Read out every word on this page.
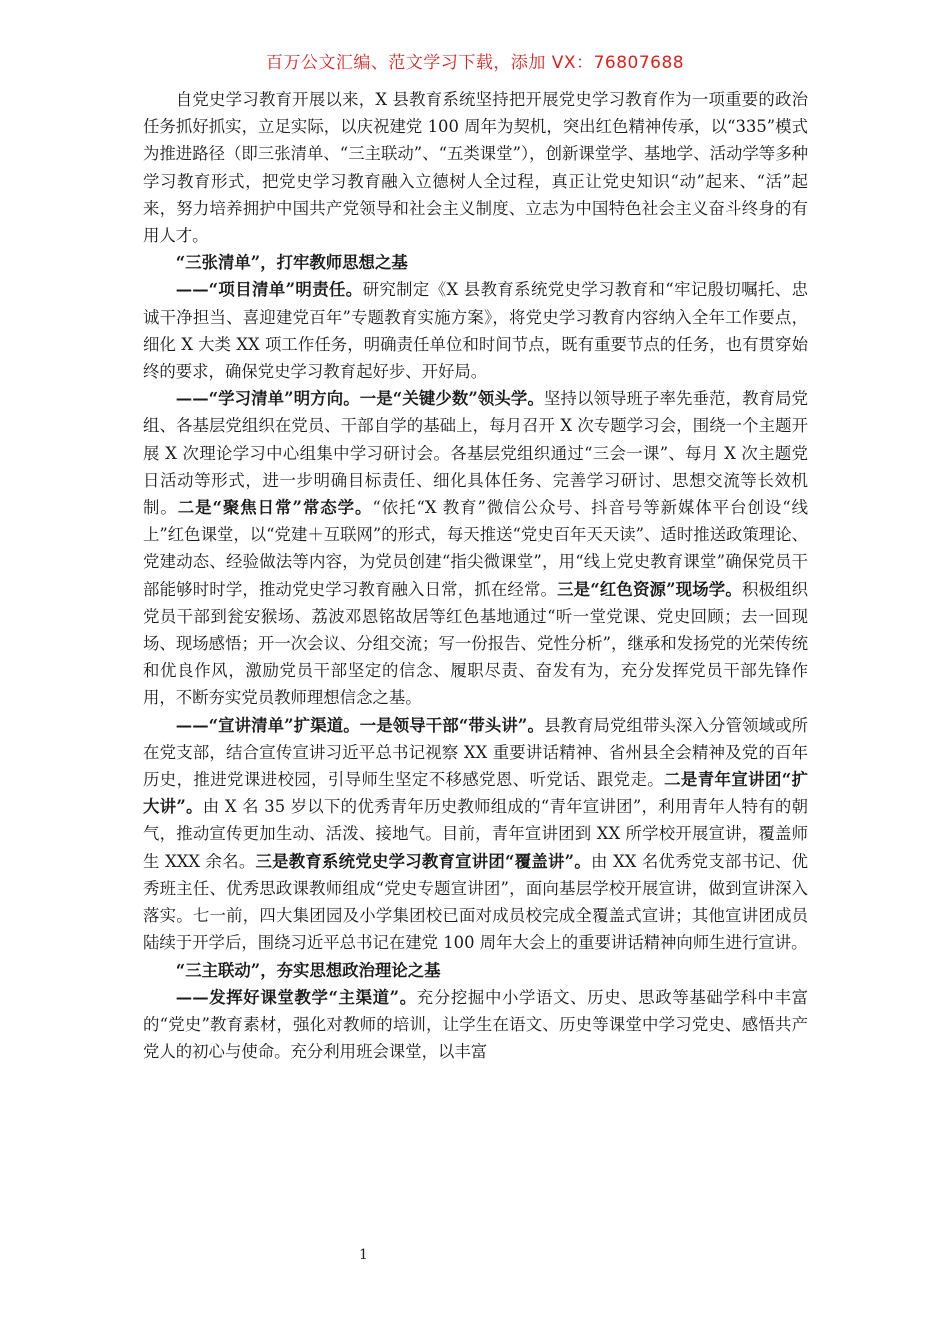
百万公文汇编、范文学习下载，添加 VX：76807688

自党史学习教育开展以来，X 县教育系统坚持把开展党史学习教育作为一项重要的政治任务抓好抓实，立足实际，以庆祝建党 100 周年为契机，突出红色精神传承，以“335”模式为推进路径（即三张清单、“三主联动”、“五类课堂”），创新课堂学、基地学、活动学等多种学习教育形式，把党史学习教育融入立德树人全过程，真正让党史知识“动”起来、“活”起来，努力培养拥护中国共产党领导和社会主义制度、立志为中国特色社会主义奋斗终身的有用人才。

“三张清单”，打牢教师思想之基

——“项目清单”明责任。研究制定《X 县教育系统党史学习教育和“牢记殷切嘱托、忠诚干净担当、喜迎建党百年”专题教育实施方案》，将党史学习教育内容纳入全年工作要点，细化 X 大类 XX 项工作任务，明确责任单位和时间节点，既有重要节点的任务，也有贯穿始终的要求，确保党史学习教育起好步、开好局。

——“学习清单”明方向。一是“关键少数”领头学。坚持以领导班子率先垂范，教育局党组、各基层党组织在党员、干部自学的基础上，每月召开 X 次专题学习会，围绕一个主题开展 X 次理论学习中心组集中学习研讨会。各基层党组织通过“三会一课”、每月 X 次主题党日活动等形式，进一步明确目标责任、细化具体任务、完善学习研讨、思想交流等长效机制。二是“聚焦日常”常态学。“依托“X 教育”微信公众号、抖音号等新媒体平台创设“线上”红色课堂，以“党建＋互联网”的形式，每天推送“党史百年天天读”、适时推送政策理论、党建动态、经验做法等内容，为党员创建“指尖微课堂”，用“线上党史教育课堂”确保党员干部能够时时学，推动党史学习教育融入日常，抓在经常。三是“红色资源”现场学。积极组织党员干部到瓮安猴场、荔波邓恩铭故居等红色基地通过“听一堂党课、党史回顾；去一回现场、现场感悟；开一次会议、分组交流；写一份报告、党性分析”，继承和发扬党的光荣传统和优良作风，激励党员干部坚定的信念、履职尽责、奋发有为，充分发挥党员干部先锋作用，不断夯实党员教师理想信念之基。

——“宣讲清单”扩渠道。一是领导干部“带头讲”。县教育局党组带头深入分管领域或所在党支部，结合宣传宣讲习近平总书记视察 XX 重要讲话精神、省州县全会精神及党的百年历史，推进党课进校园，引导师生坚定不移感党恩、听党话、跟党走。二是青年宣讲团“扩大讲”。由 X 名 35 岁以下的优秀青年历史教师组成的“青年宣讲团”，利用青年人特有的朝气，推动宣传更加生动、活泼、接地气。目前，青年宣讲团到 XX 所学校开展宣讲，覆盖师生 XXX 余名。三是教育系统党史学习教育宣讲团“覆盖讲”。由 XX 名优秀党支部书记、优秀班主任、优秀思政课教师组成“党史专题宣讲团”，面向基层学校开展宣讲，做到宣讲深入落实。七一前，四大集团园及小学集团校已面对成员校完成全覆盖式宣讲；其他宣讲团成员陆续于开学后，围绕习近平总书记在建党 100 周年大会上的重要讲话精神向师生进行宣讲。

“三主联动”，夯实思想政治理论之基

——发挥好课堂教学“主渠道”。充分挖掘中小学语文、历史、思政等基础学科中丰富的“党史”教育素材，强化对教师的培训，让学生在语文、历史等课堂中学习党史、感悟共产党人的初心与使命。充分利用班会课堂，以丰富

1
